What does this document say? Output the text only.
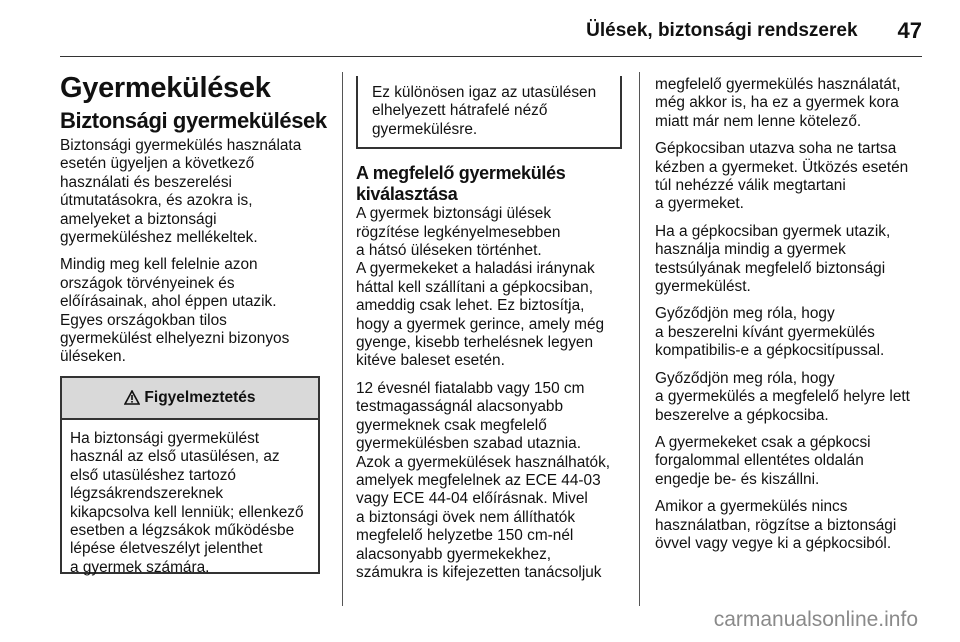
Ülések, biztonsági rendszerek 47
Gyermekülések
Biztonsági gyermekülések

Biztonsági gyermekülés használata
esetén ügyeljen a következő
használati és beszerelési
útmutatásokra, és azokra is,
amelyeket a biztonsági
gyermeküléshez mellékeltek.

Mindig meg kell felelnie azon
országok törvényeinek és
előírásainak, ahol éppen utazik.
Egyes országokban tilos
gyermekülést elhelyezni bizonyos
üléseken.

Figyelmeztetés
Ha biztonsági gyermekülést
használ az első utasülésen, az
első utasüléshez tartozó
légzsákrendszereknek
kikapcsolva kell lenniük; ellenkező
esetben a légzsákok működésbe
lépése életveszélyt jelenthet
a gyermek számára.
Ez különösen igaz az utasülésen
elhelyezett hátrafelé néző
gyermekülésre.
A megfelelő gyermekülés
kiválasztása

A gyermek biztonsági ülések
rögzítése legkényelmesebben
a hátsó üléseken történhet.
A gyermekeket a haladási iránynak
háttal kell szállítani a gépkocsiban,
ameddig csak lehet. Ez biztosítja,
hogy a gyermek gerince, amely még
gyenge, kisebb terhelésnek legyen
kitéve baleset esetén.

12 évesnél fiatalabb vagy 150 cm
testmagasságnál alacsonyabb
gyermeknek csak megfelelő
gyermekülésben szabad utaznia.
Azok a gyermekülések használhatók,
amelyek megfelelnek az ECE 44-03
vagy ECE 44-04 előírásnak. Mivel
a biztonsági övek nem állíthatók
megfelelő helyzetbe 150 cm-nél
alacsonyabb gyermekekhez,
számukra is kifejezetten tanácsoljuk

megfelelő gyermekülés használatát,
még akkor is, ha ez a gyermek kora
miatt már nem lenne kötelező.

Gépkocsiban utazva soha ne tartsa
kézben a gyermeket. Ütközés esetén
túl nehézzé válik megtartani
a gyermeket.

Ha a gépkocsiban gyermek utazik,
használja mindig a gyermek
testsúlyának megfelelő biztonsági
gyermekülést.

Győződjön meg róla, hogy
a beszerelni kívánt gyermekülés
kompatibilis-e a gépkocsitípussal.

Győződjön meg róla, hogy
a gyermekülés a megfelelő helyre lett
beszerelve a gépkocsiba.

A gyermekeket csak a gépkocsi
forgalommal ellentétes oldalán
engedje be- és kiszállni.

Amikor a gyermekülés nincs
használatban, rögzítse a biztonsági
övvel vagy vegye ki a gépkocsiból.

carmanualsonline.info
